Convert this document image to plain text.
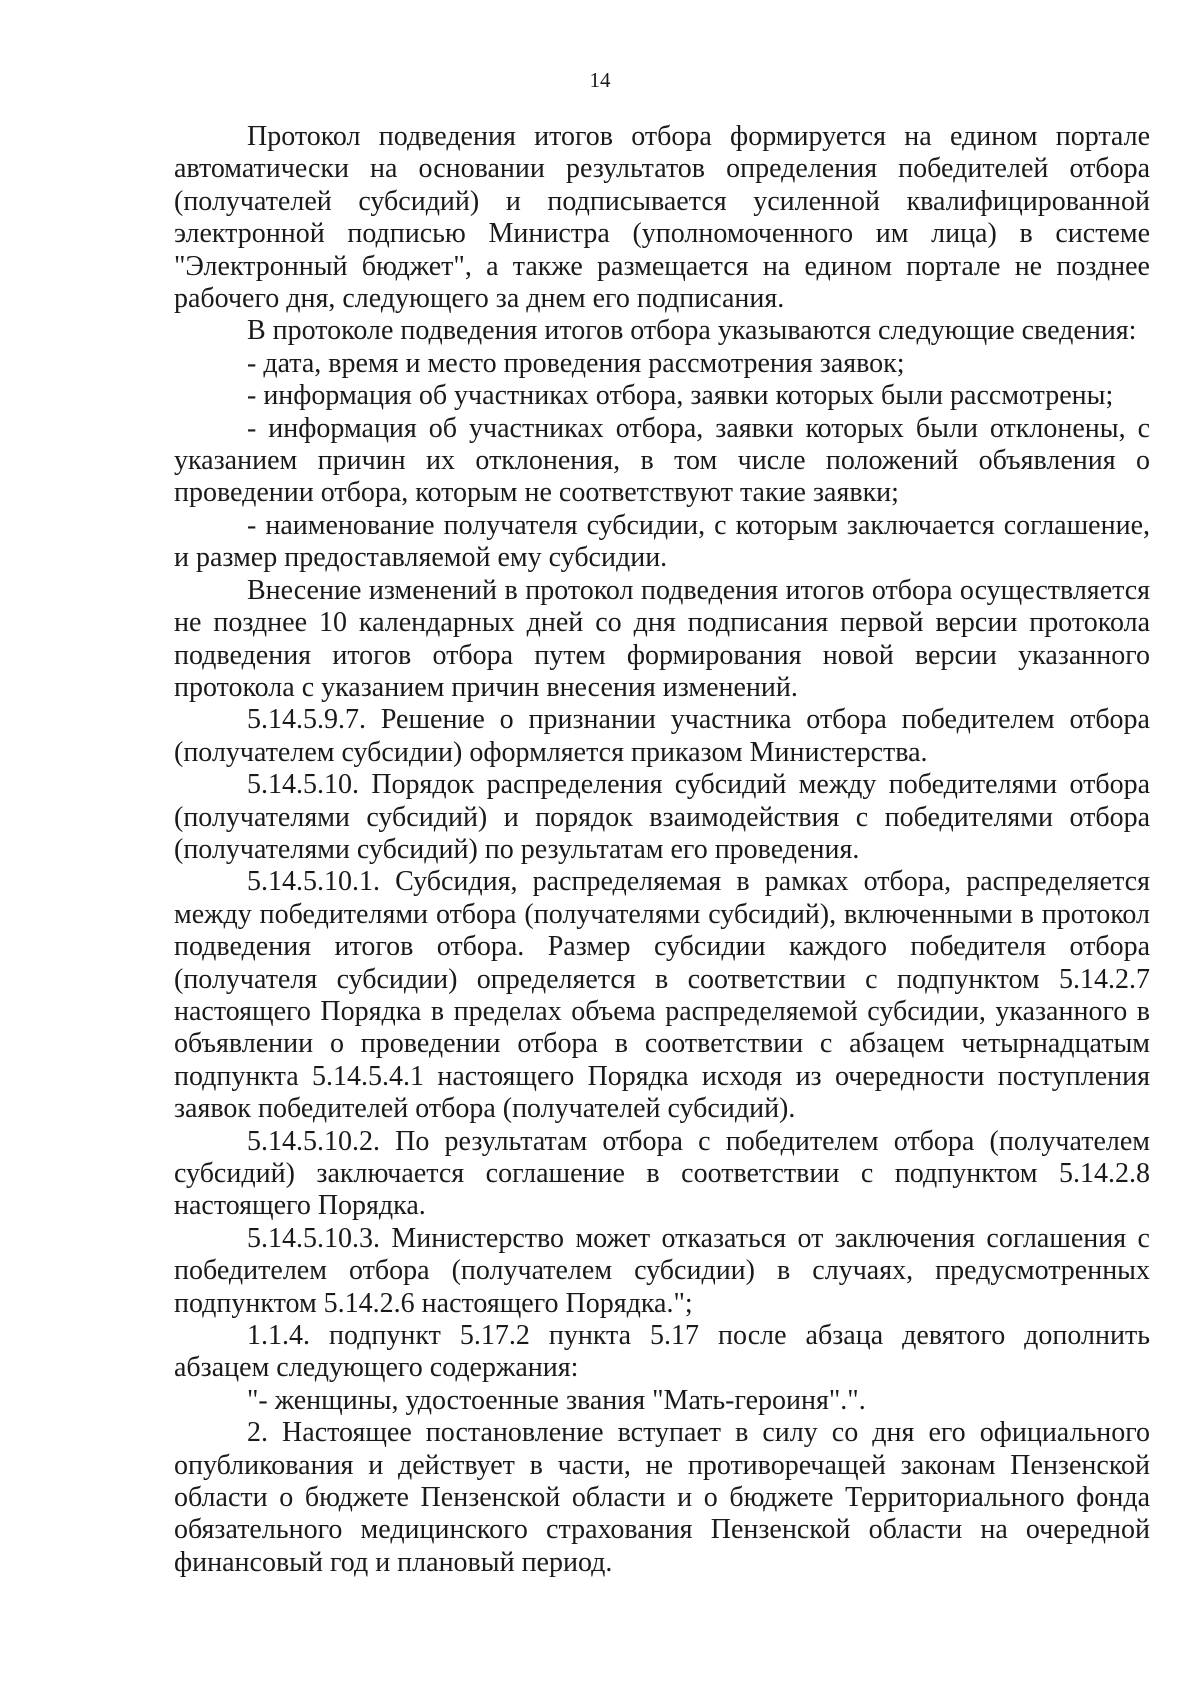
14

Протокол подведения итогов отбора формируется на едином портале автоматически на основании результатов определения победителей отбора (получателей субсидий) и подписывается усиленной квалифицированной электронной подписью Министра (уполномоченного им лица) в системе "Электронный бюджет", а также размещается на едином портале не позднее рабочего дня, следующего за днем его подписания.

В протоколе подведения итогов отбора указываются следующие сведения:

- дата, время и место проведения рассмотрения заявок;

- информация об участниках отбора, заявки которых были рассмотрены;

- информация об участниках отбора, заявки которых были отклонены, с указанием причин их отклонения, в том числе положений объявления о проведении отбора, которым не соответствуют такие заявки;

- наименование получателя субсидии, с которым заключается соглашение, и размер предоставляемой ему субсидии.

Внесение изменений в протокол подведения итогов отбора осуществляется не позднее 10 календарных дней со дня подписания первой версии протокола подведения итогов отбора путем формирования новой версии указанного протокола с указанием причин внесения изменений.

5.14.5.9.7. Решение о признании участника отбора победителем отбора (получателем субсидии) оформляется приказом Министерства.

5.14.5.10. Порядок распределения субсидий между победителями отбора (получателями субсидий) и порядок взаимодействия с победителями отбора (получателями субсидий) по результатам его проведения.

5.14.5.10.1. Субсидия, распределяемая в рамках отбора, распределяется между победителями отбора (получателями субсидий), включенными в протокол подведения итогов отбора. Размер субсидии каждого победителя отбора (получателя субсидии) определяется в соответствии с подпунктом 5.14.2.7 настоящего Порядка в пределах объема распределяемой субсидии, указанного в объявлении о проведении отбора в соответствии с абзацем четырнадцатым подпункта 5.14.5.4.1 настоящего Порядка исходя из очередности поступления заявок победителей отбора (получателей субсидий).

5.14.5.10.2. По результатам отбора с победителем отбора (получателем субсидий) заключается соглашение в соответствии с подпунктом 5.14.2.8 настоящего Порядка.

5.14.5.10.3. Министерство может отказаться от заключения соглашения с победителем отбора (получателем субсидии) в случаях, предусмотренных подпунктом 5.14.2.6 настоящего Порядка.";

1.1.4. подпункт 5.17.2 пункта 5.17 после абзаца девятого дополнить абзацем следующего содержания:

"- женщины, удостоенные звания "Мать-героиня".".

2. Настоящее постановление вступает в силу со дня его официального опубликования и действует в части, не противоречащей законам Пензенской области о бюджете Пензенской области и о бюджете Территориального фонда обязательного медицинского страхования Пензенской области на очередной финансовый год и плановый период.
